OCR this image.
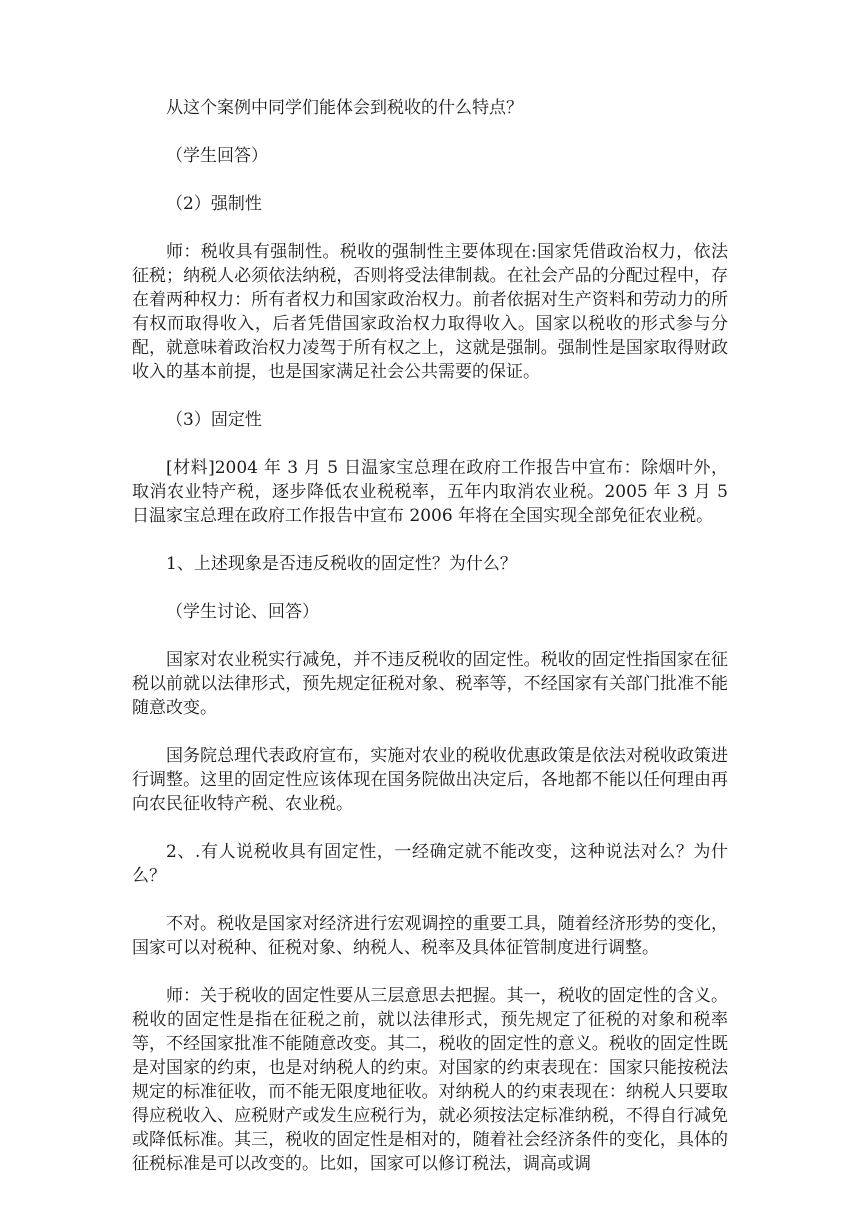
从这个案例中同学们能体会到税收的什么特点？

（学生回答）

（2）强制性

师：税收具有强制性。税收的强制性主要体现在:国家凭借政治权力，依法征税；纳税人必须依法纳税，否则将受法律制裁。在社会产品的分配过程中，存在着两种权力：所有者权力和国家政治权力。前者依据对生产资料和劳动力的所有权而取得收入，后者凭借国家政治权力取得收入。国家以税收的形式参与分配，就意味着政治权力凌驾于所有权之上，这就是强制。强制性是国家取得财政收入的基本前提，也是国家满足社会公共需要的保证。

（3）固定性

[材料]2004 年 3 月 5 日温家宝总理在政府工作报告中宣布：除烟叶外，取消农业特产税，逐步降低农业税税率，五年内取消农业税。2005 年 3 月 5 日温家宝总理在政府工作报告中宣布 2006 年将在全国实现全部免征农业税。

1、上述现象是否违反税收的固定性？为什么？

（学生讨论、回答）

国家对农业税实行减免，并不违反税收的固定性。税收的固定性指国家在征税以前就以法律形式，预先规定征税对象、税率等，不经国家有关部门批准不能随意改变。

国务院总理代表政府宣布，实施对农业的税收优惠政策是依法对税收政策进行调整。这里的固定性应该体现在国务院做出决定后，各地都不能以任何理由再向农民征收特产税、农业税。

2、.有人说税收具有固定性，一经确定就不能改变，这种说法对么？为什么？

不对。税收是国家对经济进行宏观调控的重要工具，随着经济形势的变化，国家可以对税种、征税对象、纳税人、税率及具体征管制度进行调整。

师：关于税收的固定性要从三层意思去把握。其一，税收的固定性的含义。税收的固定性是指在征税之前，就以法律形式，预先规定了征税的对象和税率等，不经国家批准不能随意改变。其二，税收的固定性的意义。税收的固定性既是对国家的约束，也是对纳税人的约束。对国家的约束表现在：国家只能按税法规定的标准征收，而不能无限度地征收。对纳税人的约束表现在：纳税人只要取得应税收入、应税财产或发生应税行为，就必须按法定标准纳税，不得自行减免或降低标准。其三，税收的固定性是相对的，随着社会经济条件的变化，具体的征税标准是可以改变的。比如，国家可以修订税法，调高或调
